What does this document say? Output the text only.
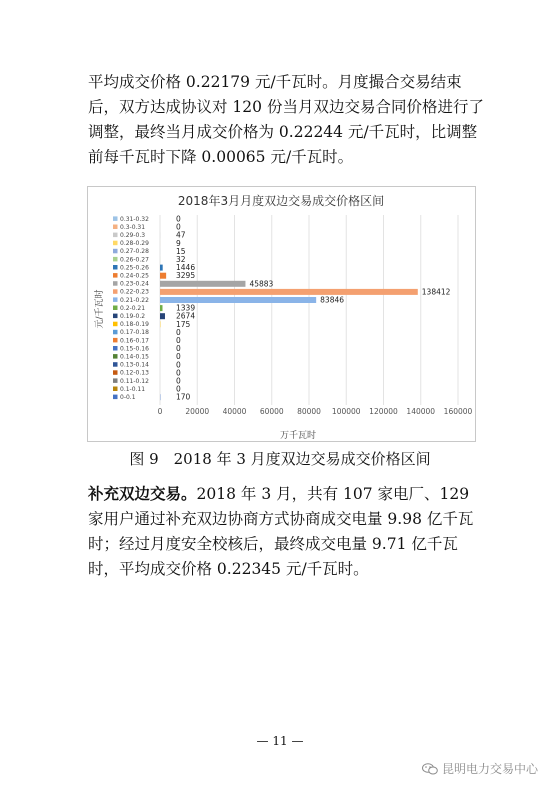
平均成交价格 0.22179 元/千瓦时。月度撮合交易结束后，双方达成协议对 120 份当月双边交易合同价格进行了调整，最终当月成交价格为 0.22244 元/千瓦时，比调整前每千瓦时下降 0.00065 元/千瓦时。

2018年3月月度双边交易成交价格区间
0.31-0.32
0.3-0.31
0.29-0.3
0.28-0.29
0.27-0.28
0.26-0.27
0.25-0.26
0.24-0.25
0.23-0.24
0.22-0.23
0.21-0.22
0.2-0.21
0.19-0.2
0.18-0.19
0.17-0.18
0.16-0.17
0.15-0.16
0.14-0.15
0.13-0.14
0.12-0.13
0.11-0.12
0.1-0.11
0-0.1
0
0
47
9
15
32
1446
3295
45883
138412
83846
1339
2674
175
0
0
0
0
0
0
0
0
170
0	20000 40000 60000 80000 100000 120000 140000 160000
万千瓦时
元/千瓦时
图 9　2018 年 3 月度双边交易成交价格区间

补充双边交易。2018 年 3 月，共有 107 家电厂、129 家用户通过补充双边协商方式协商成交电量 9.98 亿千瓦时；经过月度安全校核后，最终成交电量 9.71 亿千瓦时，平均成交价格 0.22345 元/千瓦时。

— 11 —
昆明电力交易中心
